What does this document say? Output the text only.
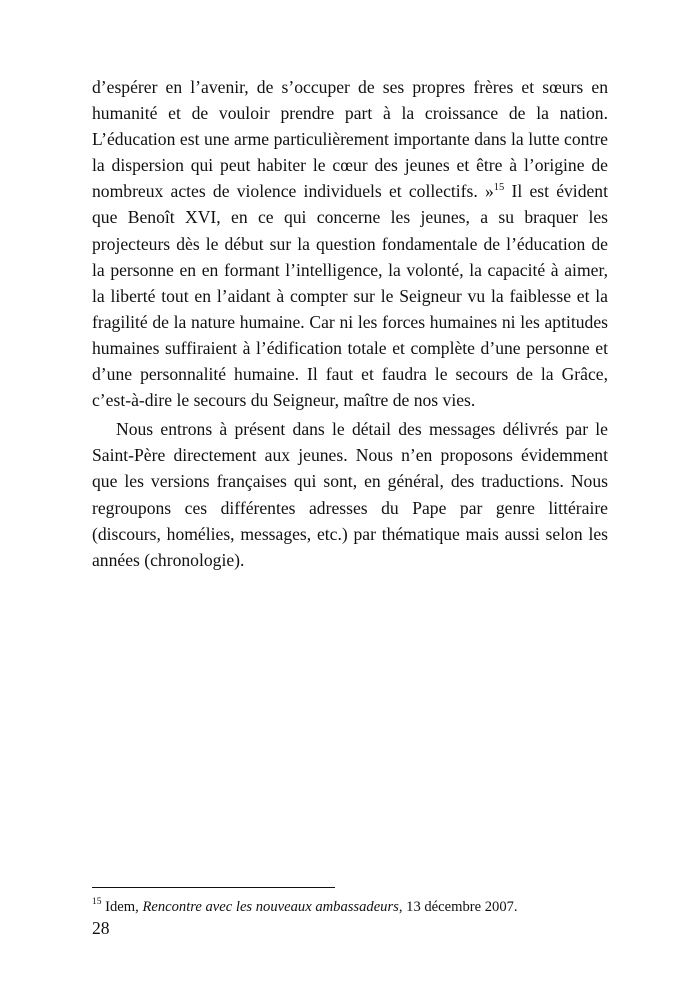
d’espérer en l’avenir, de s’occuper de ses propres frères et sœurs en humanité et de vouloir prendre part à la croissance de la nation. L’éducation est une arme particulièrement importante dans la lutte contre la dispersion qui peut habiter le cœur des jeunes et être à l’origine de nombreux actes de violence individuels et collectifs. »$^{15}$ Il est évident que Benoît XVI, en ce qui concerne les jeunes, a su braquer les projecteurs dès le début sur la question fondamentale de l’éducation de la personne en en formant l’intelligence, la volonté, la capacité à aimer, la liberté tout en l’aidant à compter sur le Seigneur vu la faiblesse et la fragilité de la nature humaine. Car ni les forces humaines ni les aptitudes humaines suffiraient à l’édification totale et complète d’une personne et d’une personnalité humaine. Il faut et faudra le secours de la Grâce, c’est-à-dire le secours du Seigneur, maître de nos vies.

Nous entrons à présent dans le détail des messages délivrés par le Saint-Père directement aux jeunes. Nous n’en proposons évidemment que les versions françaises qui sont, en général, des traductions. Nous regroupons ces différentes adresses du Pape par genre littéraire (discours, homélies, messages, etc.) par thématique mais aussi selon les années (chronologie).

$^{15}$ Idem, Rencontre avec les nouveaux ambassadeurs, 13 décembre 2007.

28
